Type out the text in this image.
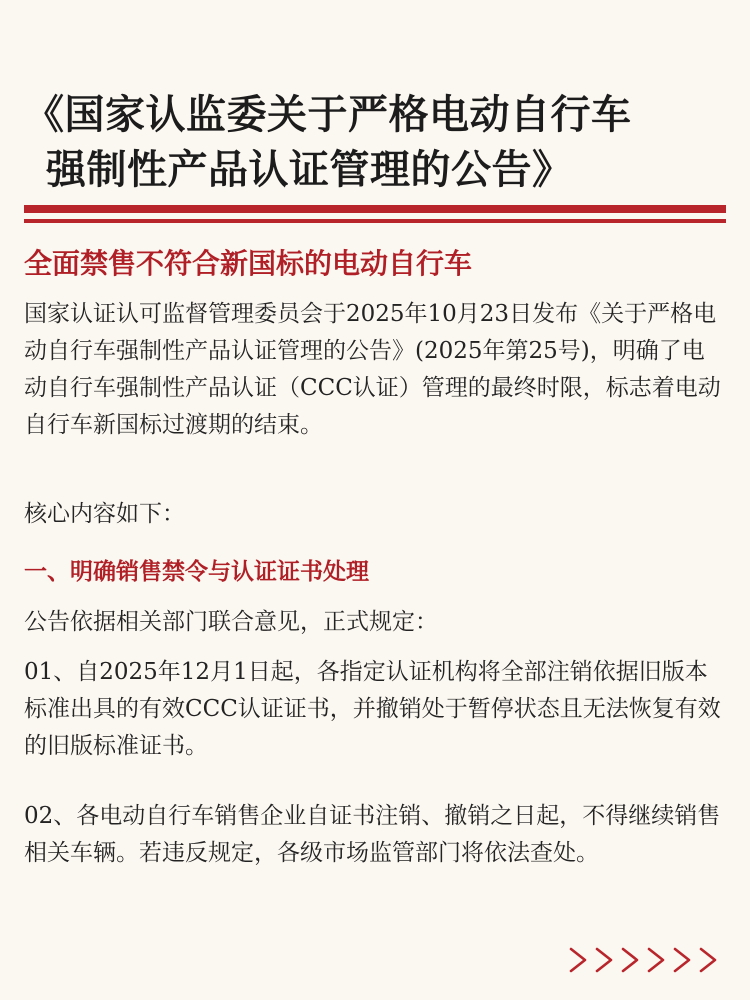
《国家认监委关于严格电动自行车
强制性产品认证管理的公告》
全面禁售不符合新国标的电动自行车

国家认证认可监督管理委员会于2025年10月23日发布《关于严格电动自行车强制性产品认证管理的公告》(2025年第25号)，明确了电动自行车强制性产品认证（CCC认证）管理的最终时限，标志着电动自行车新国标过渡期的结束。

核心内容如下：

一、明确销售禁令与认证证书处理

公告依据相关部门联合意见，正式规定：

01、自2025年12月1日起，各指定认证机构将全部注销依据旧版本标准出具的有效CCC认证证书，并撤销处于暂停状态且无法恢复有效的旧版标准证书。

02、各电动自行车销售企业自证书注销、撤销之日起，不得继续销售相关车辆。若违反规定，各级市场监管部门将依法查处。
